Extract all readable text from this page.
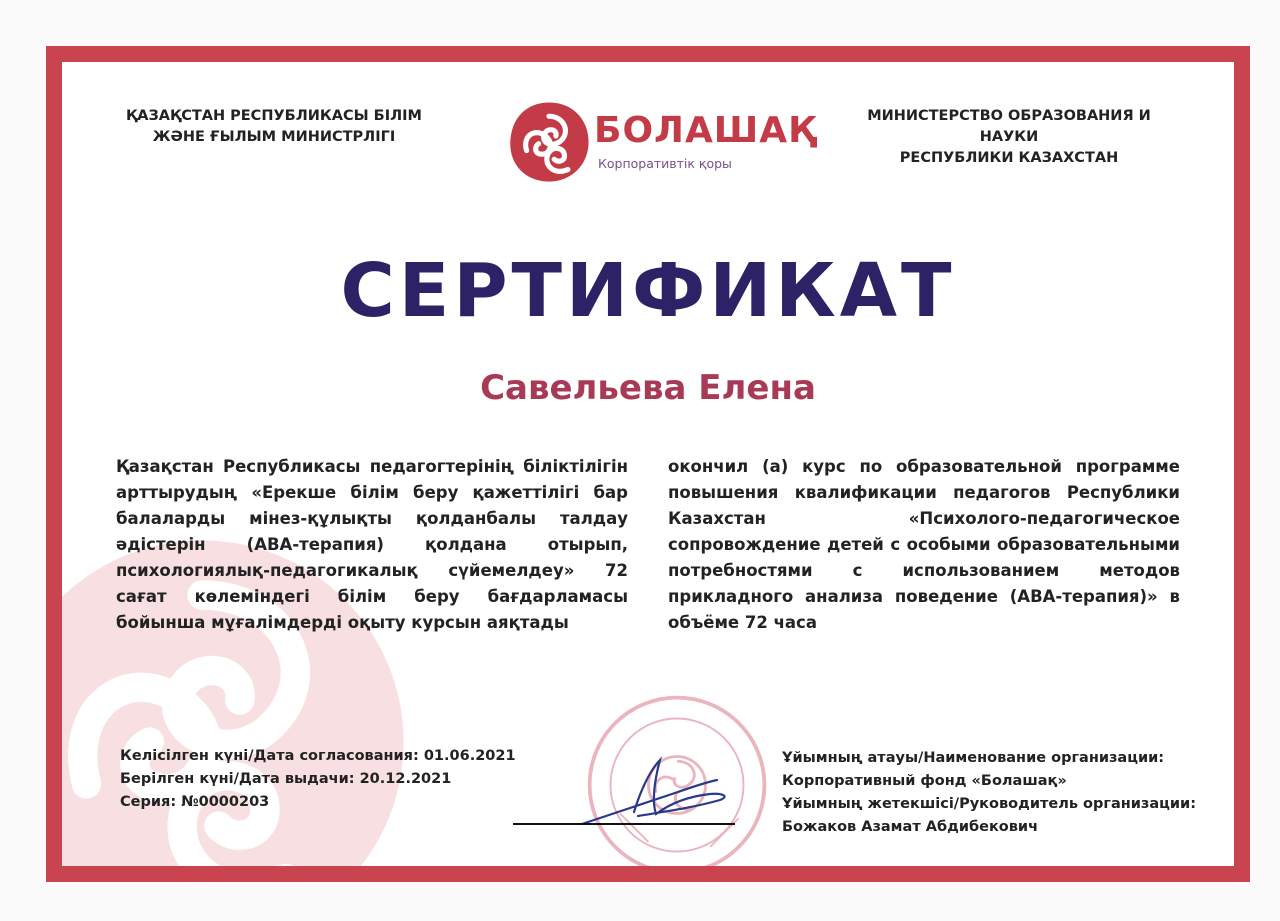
ҚАЗАҚСТАН РЕСПУБЛИКАСЫ БІЛІМ
ЖӘНЕ ҒЫЛЫМ МИНИСТРЛІГІ	БОЛАШАҚ
Корпоративтік қоры
МИНИСТЕРСТВО ОБРАЗОВАНИЯ И НАУКИ
РЕСПУБЛИКИ КАЗАХСТАН
СЕРТИФИКАТ
Савельева Елена
Қазақстан Республикасы педагогтерінің біліктілігін арттырудың «Ерекше білім беру қажеттілігі бар балаларды мінез-құлықты қолданбалы талдау әдістерін (АВА-терапия) қолдана отырып, психологиялық-педагогикалық сүйемелдеу» 72 сағат көлеміндегі білім беру бағдарламасы бойынша мұғалімдерді оқыту курсын аяқтады
окончил (а) курс по образовательной программе повышения квалификации педагогов Республики Казахстан «Психолого-педагогическое сопровождение детей с особыми образовательными потребностями с использованием методов прикладного анализа поведение (АВА-терапия)» в объёме 72 часа
Келісілген күні/Дата согласования: 01.06.2021
Берілген күні/Дата выдачи: 20.12.2021
Серия: №0000203
Ұйымның атауы/Наименование организации:
Корпоративный фонд «Болашақ»
Ұйымның жетекшісі/Руководитель организации:
Божаков Азамат Абдибекович
